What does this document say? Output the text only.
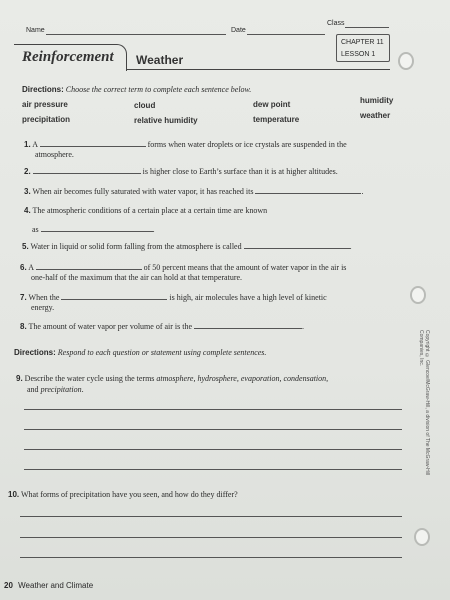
Name	Date
Class
Reinforcement Weather
CHAPTER 11
LESSON 1
Directions: Choose the correct term to complete each sentence below.
air pressure	cloud	dew point	humidity
precipitation	relative humidity	temperature	weather
1. A	forms when water droplets or ice crystals are suspended in the
atmosphere.
2.	is higher close to Earth’s surface than it is at higher altitudes.
3. When air becomes fully saturated with water vapor, it has reached its	.
4. The atmospheric conditions of a certain place at a certain time are known
as	.
5. Water in liquid or solid form falling from the atmosphere is called	.
6. A	of 50 percent means that the amount of water vapor in the air is
one-half of the maximum that the air can hold at that temperature.
7. When the	is high, air molecules have a high level of kinetic
energy.
8. The amount of water vapor per volume of air is the	.
Directions: Respond to each question or statement using complete sentences.
9. Describe the water cycle using the terms atmosphere, hydrosphere, evaporation, condensation,
and precipitation.
10. What forms of precipitation have you seen, and how do they differ?
20 Weather and Climate
Copyright © Glencoe/McGraw-Hill, a division of The McGraw-Hill Companies, Inc.
